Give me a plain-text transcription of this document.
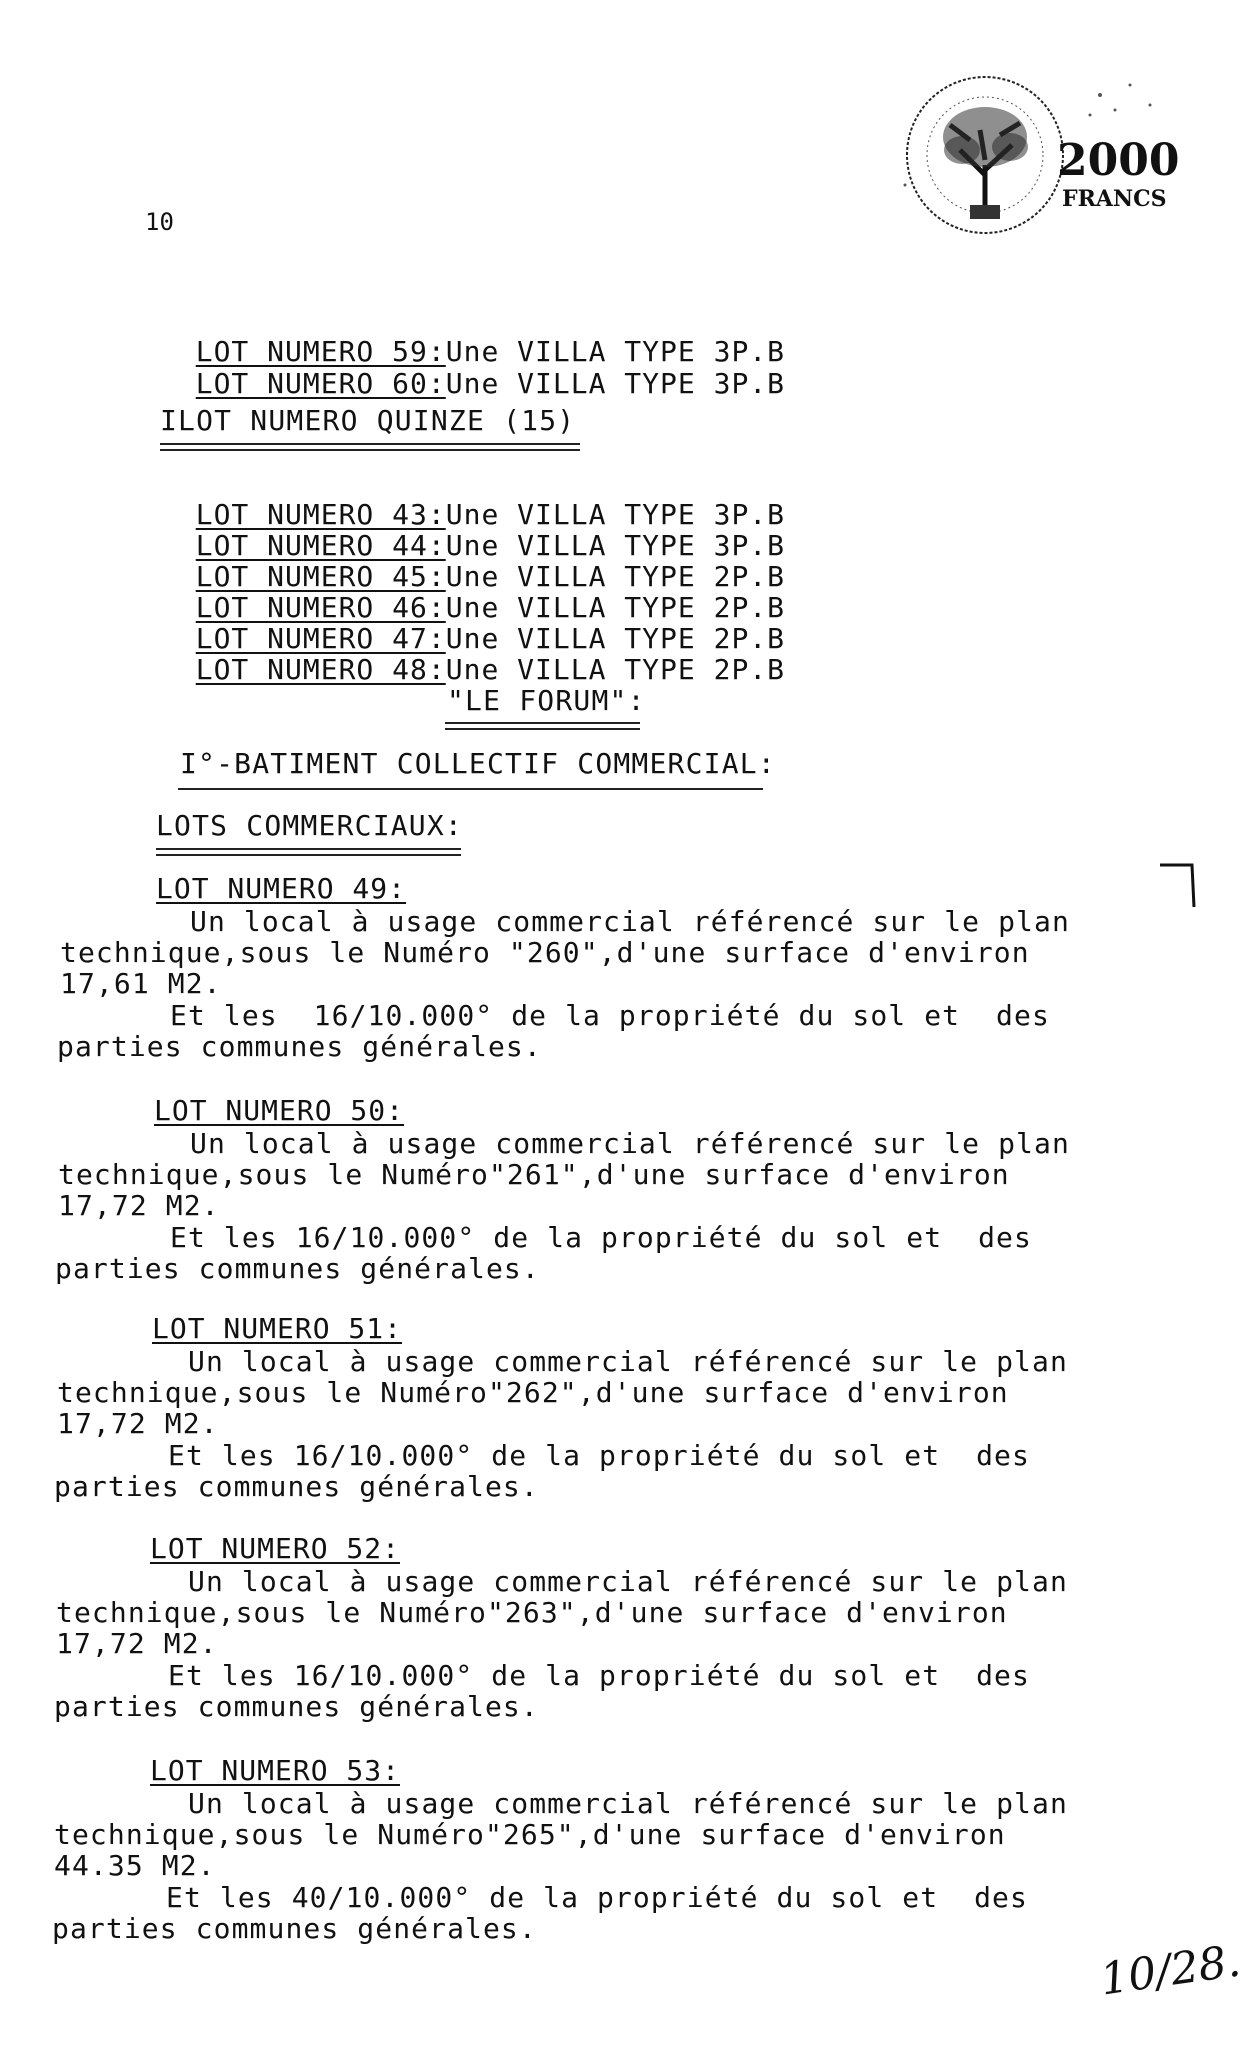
10
2000
FRANCS

LOT NUMERO 59:Une VILLA TYPE 3P.B

LOT NUMERO 60:Une VILLA TYPE 3P.B

ILOT NUMERO QUINZE (15)

LOT NUMERO 43:Une VILLA TYPE 3P.B

LOT NUMERO 44:Une VILLA TYPE 3P.B

LOT NUMERO 45:Une VILLA TYPE 2P.B

LOT NUMERO 46:Une VILLA TYPE 2P.B

LOT NUMERO 47:Une VILLA TYPE 2P.B

LOT NUMERO 48:Une VILLA TYPE 2P.B

"LE FORUM":
I°-BATIMENT COLLECTIF COMMERCIAL:
LOTS COMMERCIAUX:
LOT NUMERO 49:
Un local à usage commercial référencé sur le plan
technique,sous le Numéro "260",d'une surface d'environ
17,61 M2.
Et les  16/10.000° de la propriété du sol et  des
parties communes générales.
LOT NUMERO 50:
Un local à usage commercial référencé sur le plan
technique,sous le Numéro"261",d'une surface d'environ
17,72 M2.
Et les 16/10.000° de la propriété du sol et  des
parties communes générales.
LOT NUMERO 51:
Un local à usage commercial référencé sur le plan
technique,sous le Numéro"262",d'une surface d'environ
17,72 M2.
Et les 16/10.000° de la propriété du sol et  des
parties communes générales.
LOT NUMERO 52:
Un local à usage commercial référencé sur le plan
technique,sous le Numéro"263",d'une surface d'environ
17,72 M2.
Et les 16/10.000° de la propriété du sol et  des
parties communes générales.
LOT NUMERO 53:
Un local à usage commercial référencé sur le plan
technique,sous le Numéro"265",d'une surface d'environ
44.35 M2.
Et les 40/10.000° de la propriété du sol et  des
parties communes générales.
10/28.
